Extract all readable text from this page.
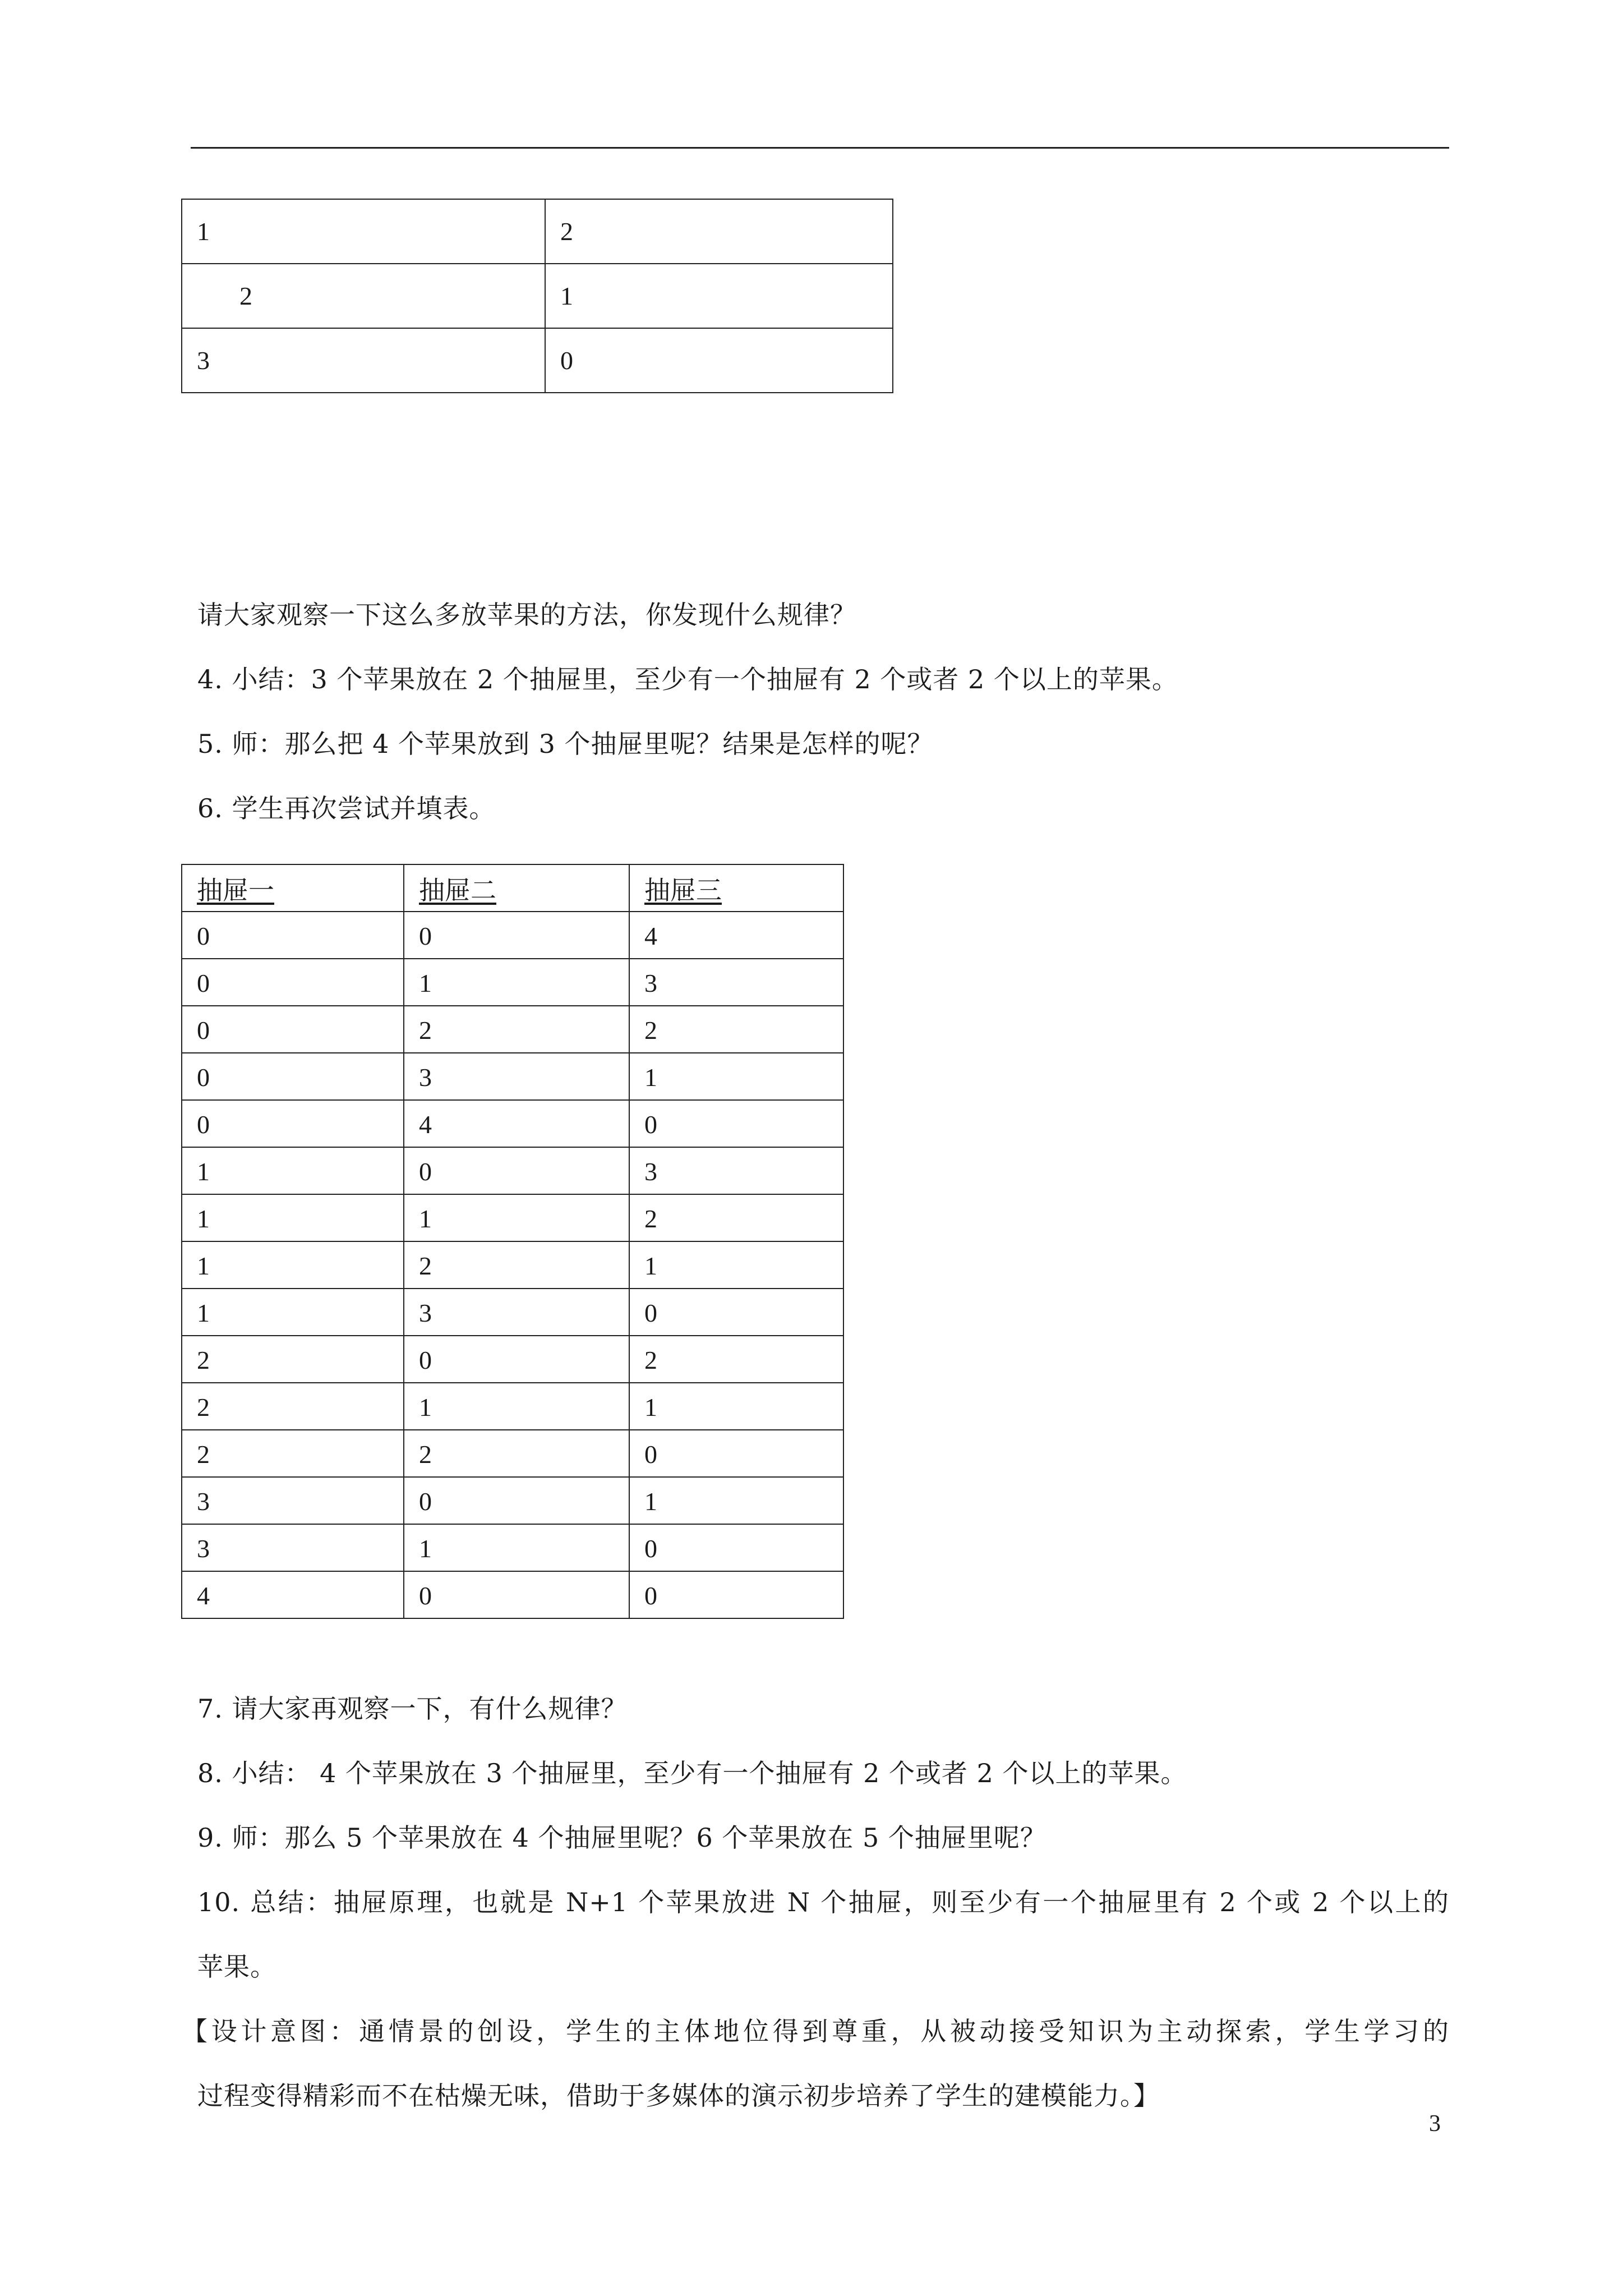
1	2
2	1
3	0
请大家观察一下这么多放苹果的方法，你发现什么规律？
4. 小结：3 个苹果放在 2 个抽屉里，至少有一个抽屉有 2 个或者 2 个以上的苹果。
5. 师：那么把 4 个苹果放到 3 个抽屉里呢？结果是怎样的呢？
6. 学生再次尝试并填表。
抽屉一	抽屉二	抽屉三
0	0	4
0	1	3
0	2	2
0	3	1
0	4	0
1	0	3
1	1	2
1	2	1
1	3	0
2	0	2
2	1	1
2	2	0
3	0	1
3	1	0
4	0	0
7. 请大家再观察一下，有什么规律？
8. 小结： 4 个苹果放在 3 个抽屉里，至少有一个抽屉有 2 个或者 2 个以上的苹果。
9. 师：那么 5 个苹果放在 4 个抽屉里呢？6 个苹果放在 5 个抽屉里呢？
10. 总结：抽屉原理，也就是 N+1 个苹果放进 N 个抽屉，则至少有一个抽屉里有 2 个或 2 个以上的
苹果。
【设计意图：通情景的创设，学生的主体地位得到尊重，从被动接受知识为主动探索，学生学习的
过程变得精彩而不在枯燥无味，借助于多媒体的演示初步培养了学生的建模能力。】
3
